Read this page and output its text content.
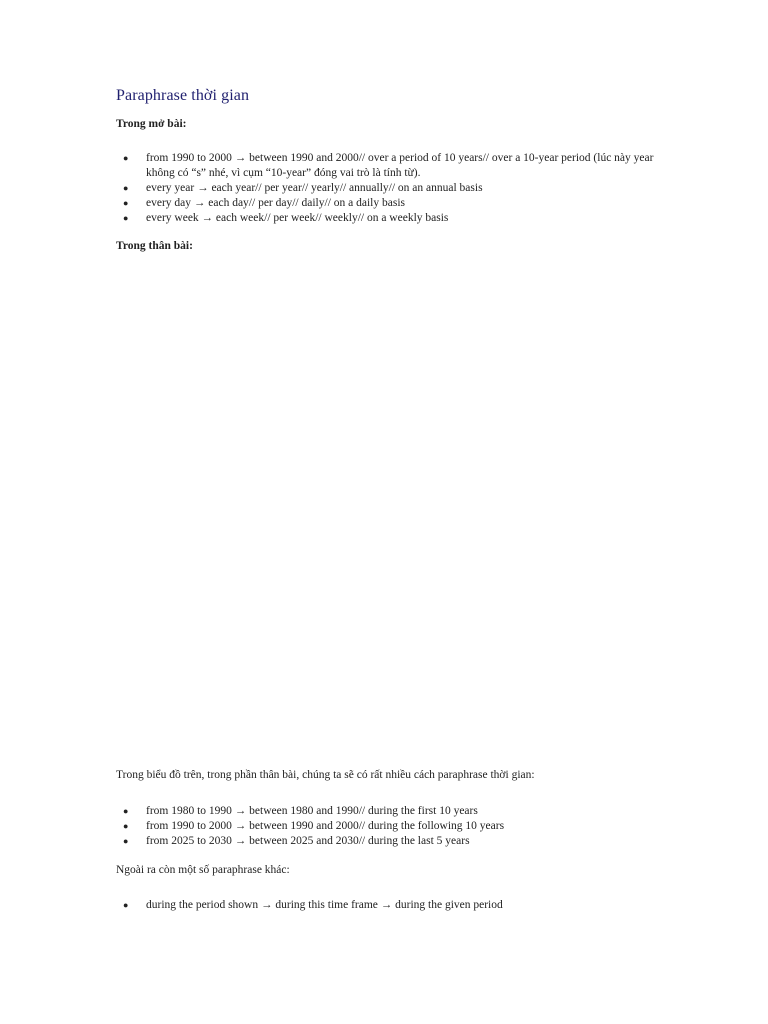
Paraphrase thời gian

Trong mở bài:

● from 1990 to 2000 → between 1990 and 2000// over a period of 10 years// over a 10-year period (lúc này year không có “s” nhé, vì cụm “10-year” đóng vai trò là tính từ).
● every year → each year// per year// yearly// annually// on an annual basis
● every day → each day// per day// daily// on a daily basis
● every week → each week// per week// weekly// on a weekly basis

Trong thân bài:

Trong biểu đồ trên, trong phần thân bài, chúng ta sẽ có rất nhiều cách paraphrase thời gian:

● from 1980 to 1990 → between 1980 and 1990// during the first 10 years
● from 1990 to 2000 → between 1990 and 2000// during the following 10 years
● from 2025 to 2030 → between 2025 and 2030// during the last 5 years

Ngoài ra còn một số paraphrase khác:

● during the period shown → during this time frame → during the given period
